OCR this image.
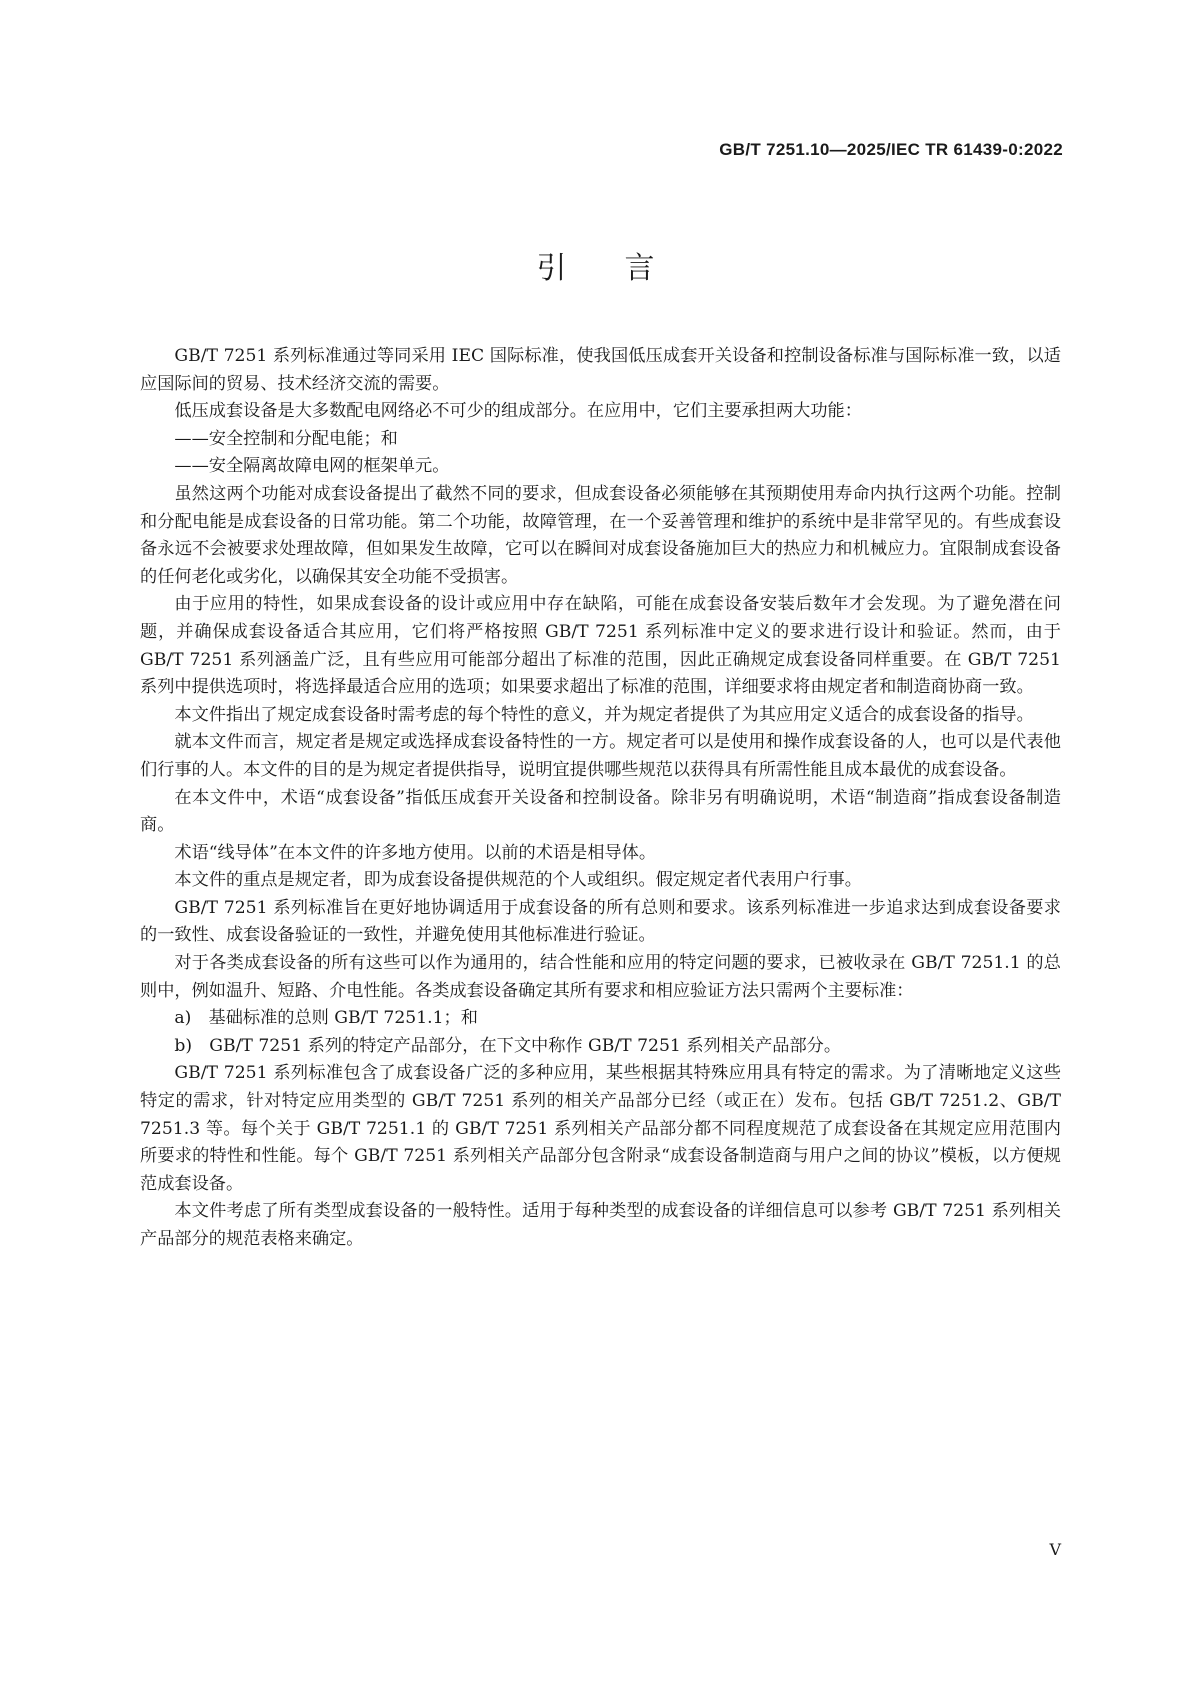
GB/T 7251.10—2025/IEC TR 61439-0:2022
引言

GB/T 7251 系列标准通过等同采用 IEC 国际标准，使我国低压成套开关设备和控制设备标准与国际标准一致，以适应国际间的贸易、技术经济交流的需要。

低压成套设备是大多数配电网络必不可少的组成部分。在应用中，它们主要承担两大功能：

——安全控制和分配电能；和

——安全隔离故障电网的框架单元。

虽然这两个功能对成套设备提出了截然不同的要求，但成套设备必须能够在其预期使用寿命内执行这两个功能。控制和分配电能是成套设备的日常功能。第二个功能，故障管理，在一个妥善管理和维护的系统中是非常罕见的。有些成套设备永远不会被要求处理故障，但如果发生故障，它可以在瞬间对成套设备施加巨大的热应力和机械应力。宜限制成套设备的任何老化或劣化，以确保其安全功能不受损害。

由于应用的特性，如果成套设备的设计或应用中存在缺陷，可能在成套设备安装后数年才会发现。为了避免潜在问题，并确保成套设备适合其应用，它们将严格按照 GB/T 7251 系列标准中定义的要求进行设计和验证。然而，由于 GB/T 7251 系列涵盖广泛，且有些应用可能部分超出了标准的范围，因此正确规定成套设备同样重要。在 GB/T 7251 系列中提供选项时，将选择最适合应用的选项；如果要求超出了标准的范围，详细要求将由规定者和制造商协商一致。

本文件指出了规定成套设备时需考虑的每个特性的意义，并为规定者提供了为其应用定义适合的成套设备的指导。

就本文件而言，规定者是规定或选择成套设备特性的一方。规定者可以是使用和操作成套设备的人，也可以是代表他们行事的人。本文件的目的是为规定者提供指导，说明宜提供哪些规范以获得具有所需性能且成本最优的成套设备。

在本文件中，术语“成套设备”指低压成套开关设备和控制设备。除非另有明确说明，术语“制造商”指成套设备制造商。

术语“线导体”在本文件的许多地方使用。以前的术语是相导体。

本文件的重点是规定者，即为成套设备提供规范的个人或组织。假定规定者代表用户行事。

GB/T 7251 系列标准旨在更好地协调适用于成套设备的所有总则和要求。该系列标准进一步追求达到成套设备要求的一致性、成套设备验证的一致性，并避免使用其他标准进行验证。

对于各类成套设备的所有这些可以作为通用的，结合性能和应用的特定问题的要求，已被收录在 GB/T 7251.1 的总则中，例如温升、短路、介电性能。各类成套设备确定其所有要求和相应验证方法只需两个主要标准：

a)　基础标准的总则 GB/T 7251.1；和

b)　GB/T 7251 系列的特定产品部分，在下文中称作 GB/T 7251 系列相关产品部分。

GB/T 7251 系列标准包含了成套设备广泛的多种应用，某些根据其特殊应用具有特定的需求。为了清晰地定义这些特定的需求，针对特定应用类型的 GB/T 7251 系列的相关产品部分已经（或正在）发布。包括 GB/T 7251.2、GB/T 7251.3 等。每个关于 GB/T 7251.1 的 GB/T 7251 系列相关产品部分都不同程度规范了成套设备在其规定应用范围内所要求的特性和性能。每个 GB/T 7251 系列相关产品部分包含附录“成套设备制造商与用户之间的协议”模板，以方便规范成套设备。

本文件考虑了所有类型成套设备的一般特性。适用于每种类型的成套设备的详细信息可以参考 GB/T 7251 系列相关产品部分的规范表格来确定。

V
